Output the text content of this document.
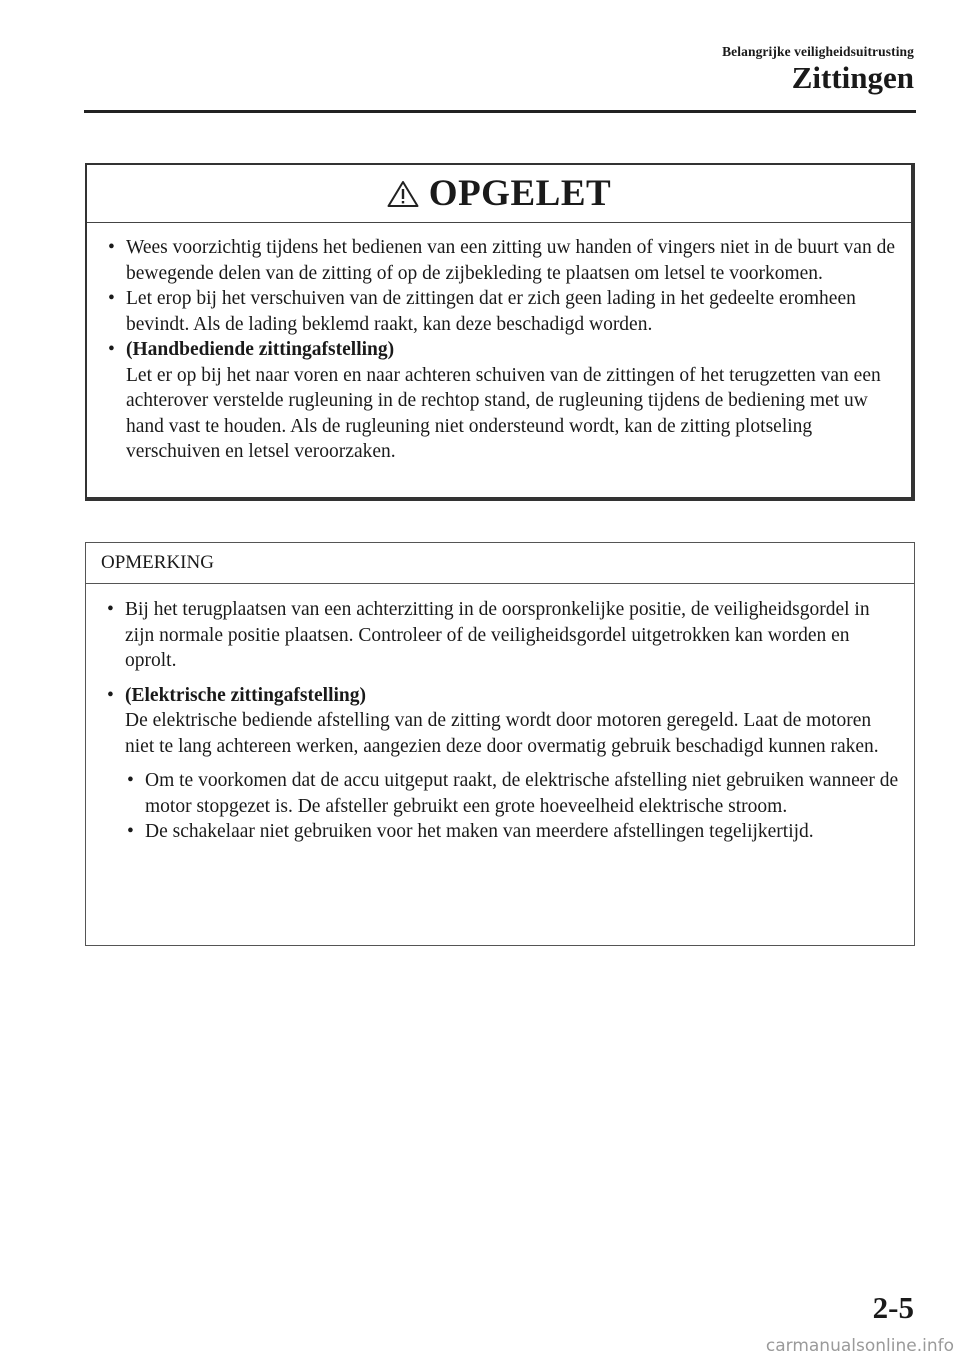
Belangrijke veiligheidsuitrusting
Zittingen
OPGELET
• Wees voorzichtig tijdens het bedienen van een zitting uw handen of vingers niet in de buurt van de bewegende delen van de zitting of op de zijbekleding te plaatsen om letsel te voorkomen.
• Let erop bij het verschuiven van de zittingen dat er zich geen lading in het gedeelte eromheen bevindt. Als de lading beklemd raakt, kan deze beschadigd worden.
• (Handbediende zittingafstelling)
Let er op bij het naar voren en naar achteren schuiven van de zittingen of het terugzetten van een achterover verstelde rugleuning in de rechtop stand, de rugleuning tijdens de bediening met uw hand vast te houden. Als de rugleuning niet ondersteund wordt, kan de zitting plotseling verschuiven en letsel veroorzaken.
OPMERKING
• Bij het terugplaatsen van een achterzitting in de oorspronkelijke positie, de veiligheidsgordel in zijn normale positie plaatsen. Controleer of de veiligheidsgordel uitgetrokken kan worden en oprolt.
• (Elektrische zittingafstelling)
De elektrische bediende afstelling van de zitting wordt door motoren geregeld. Laat de motoren niet te lang achtereen werken, aangezien deze door overmatig gebruik beschadigd kunnen raken.
• Om te voorkomen dat de accu uitgeput raakt, de elektrische afstelling niet gebruiken wanneer de motor stopgezet is. De afsteller gebruikt een grote hoeveelheid elektrische stroom.
• De schakelaar niet gebruiken voor het maken van meerdere afstellingen tegelijkertijd.
2-5
carmanualsonline.info
